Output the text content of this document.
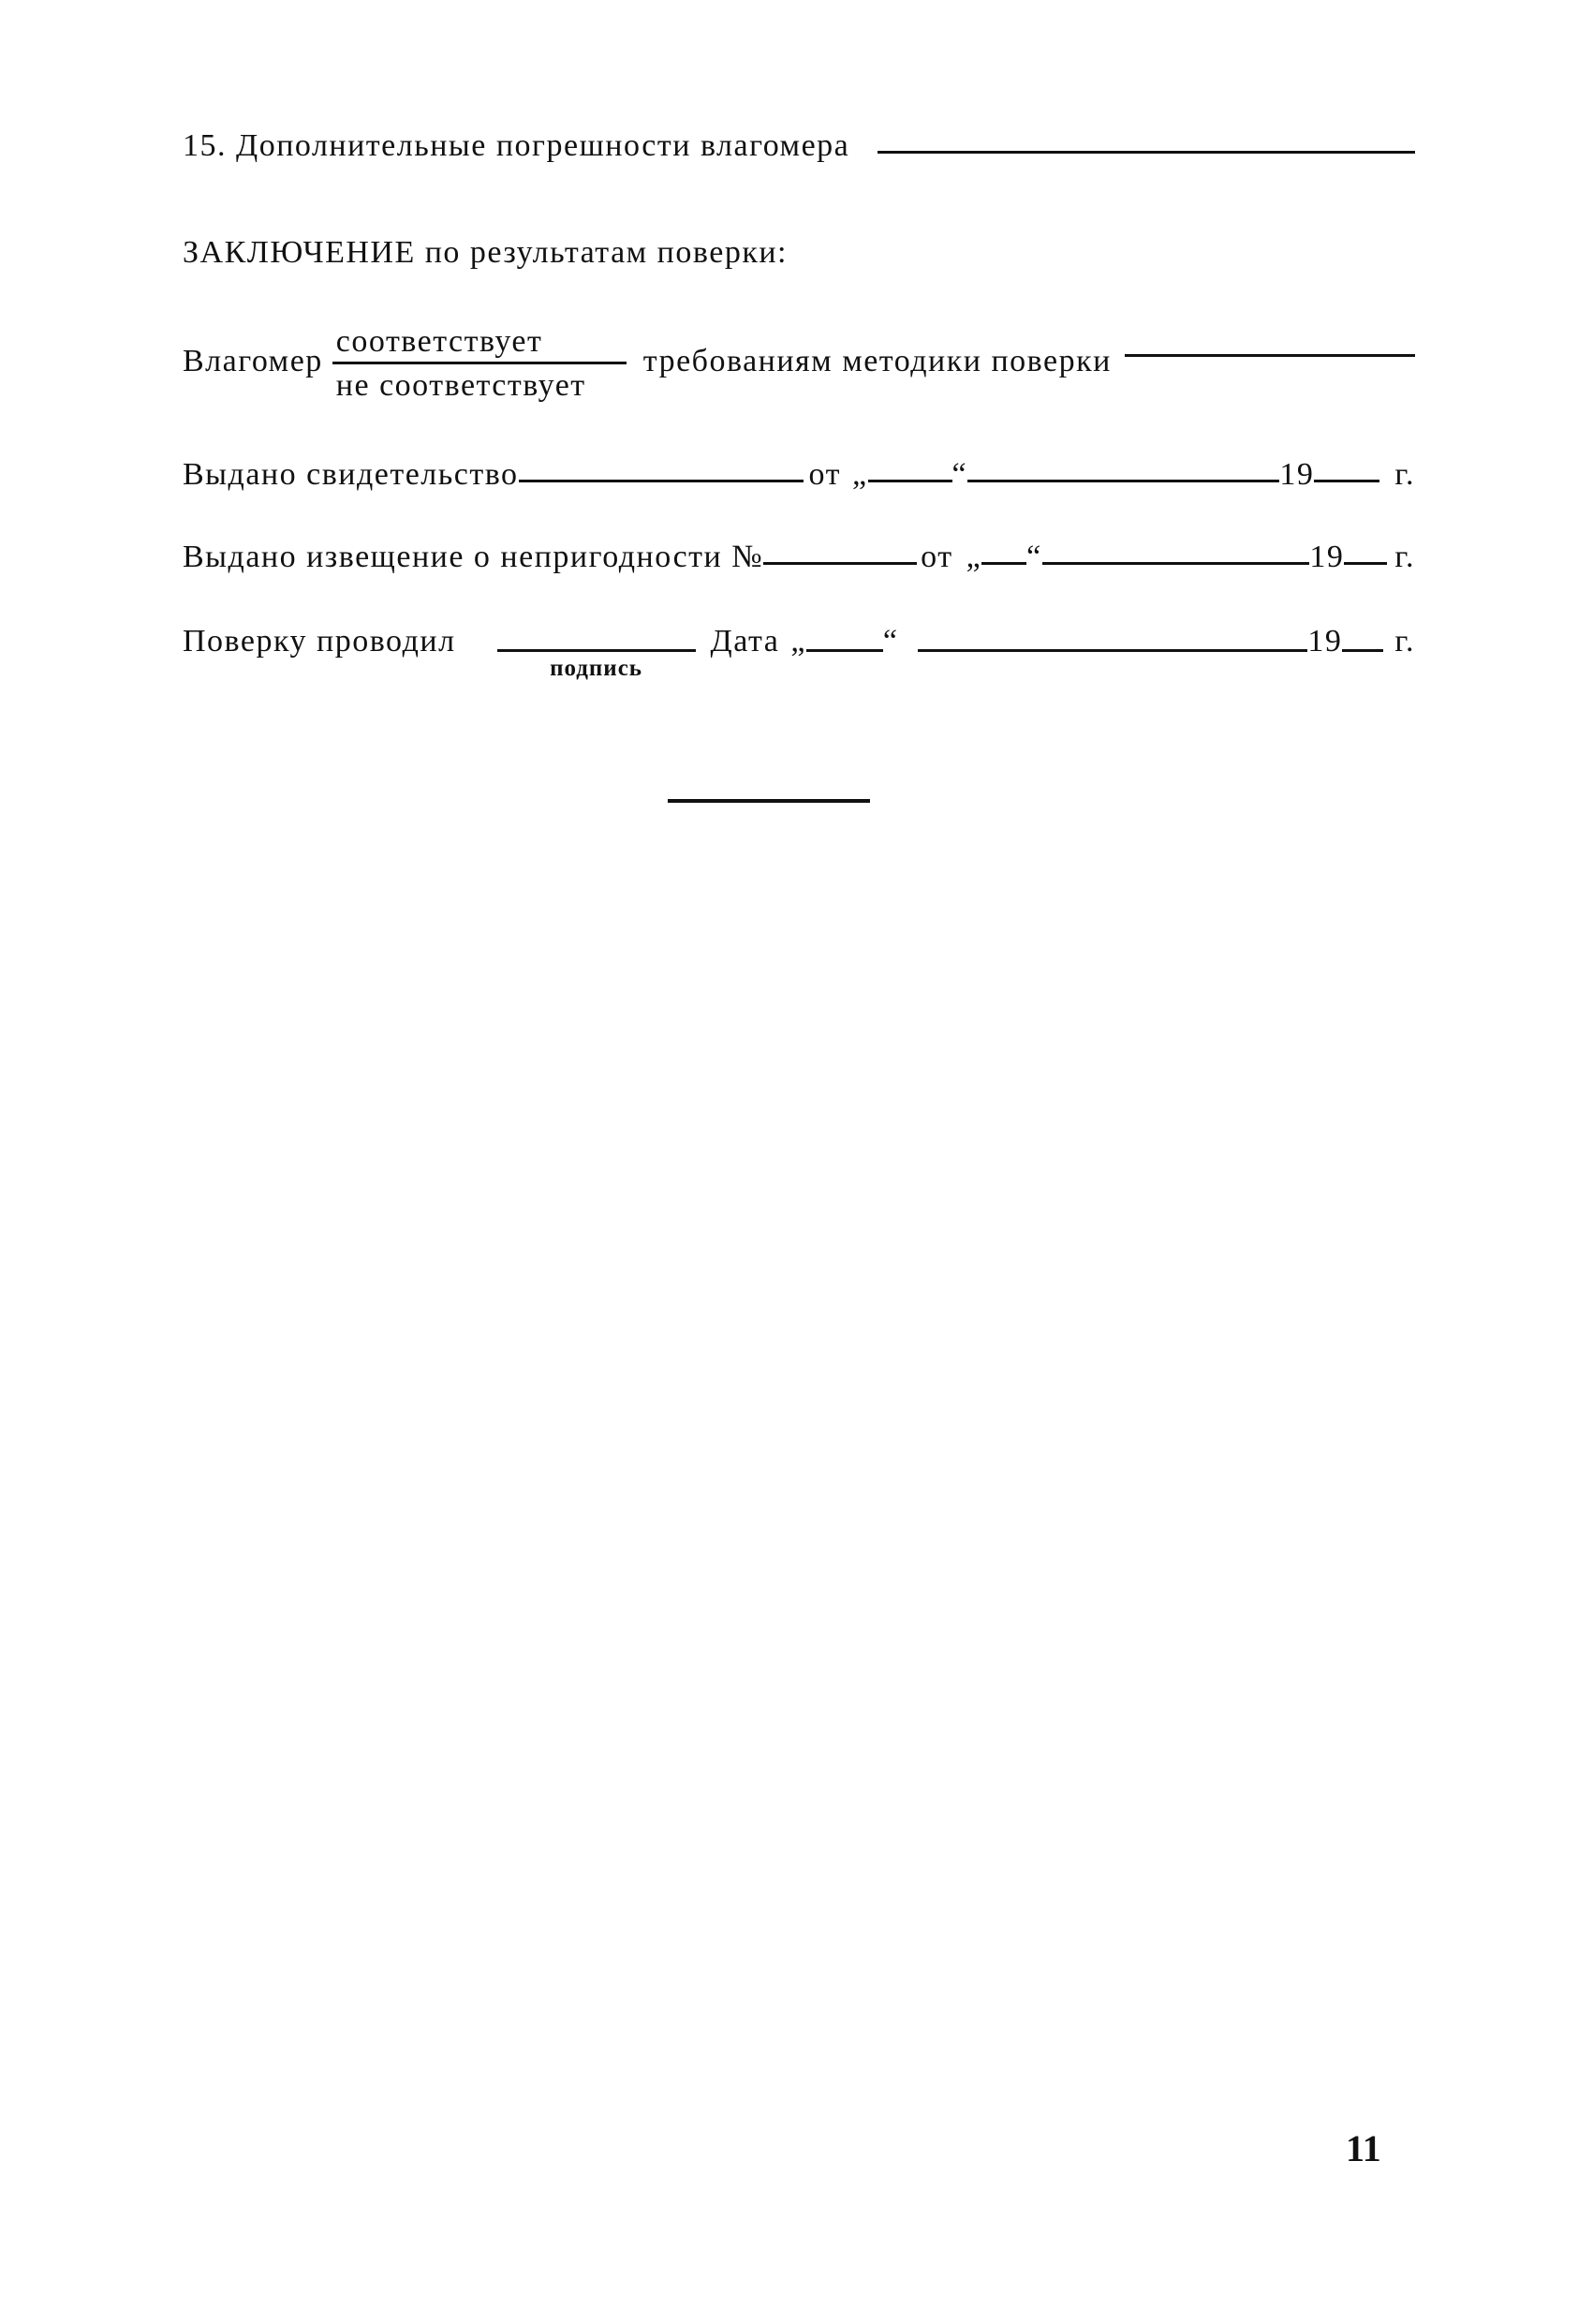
15. Дополнительные погрешности влагомера
ЗАКЛЮЧЕНИЕ по результатам поверки:
Влагомер $\frac{\text{соответствует}}{\text{не соответствует}}$ требованиям методики поверки
Выдано свидетельство	от „	“	19	г.
Выдано извещение о непригодности №	от „ “	19 г.
Поверку проводил
подпись
Дата „ “	19 г.
11
